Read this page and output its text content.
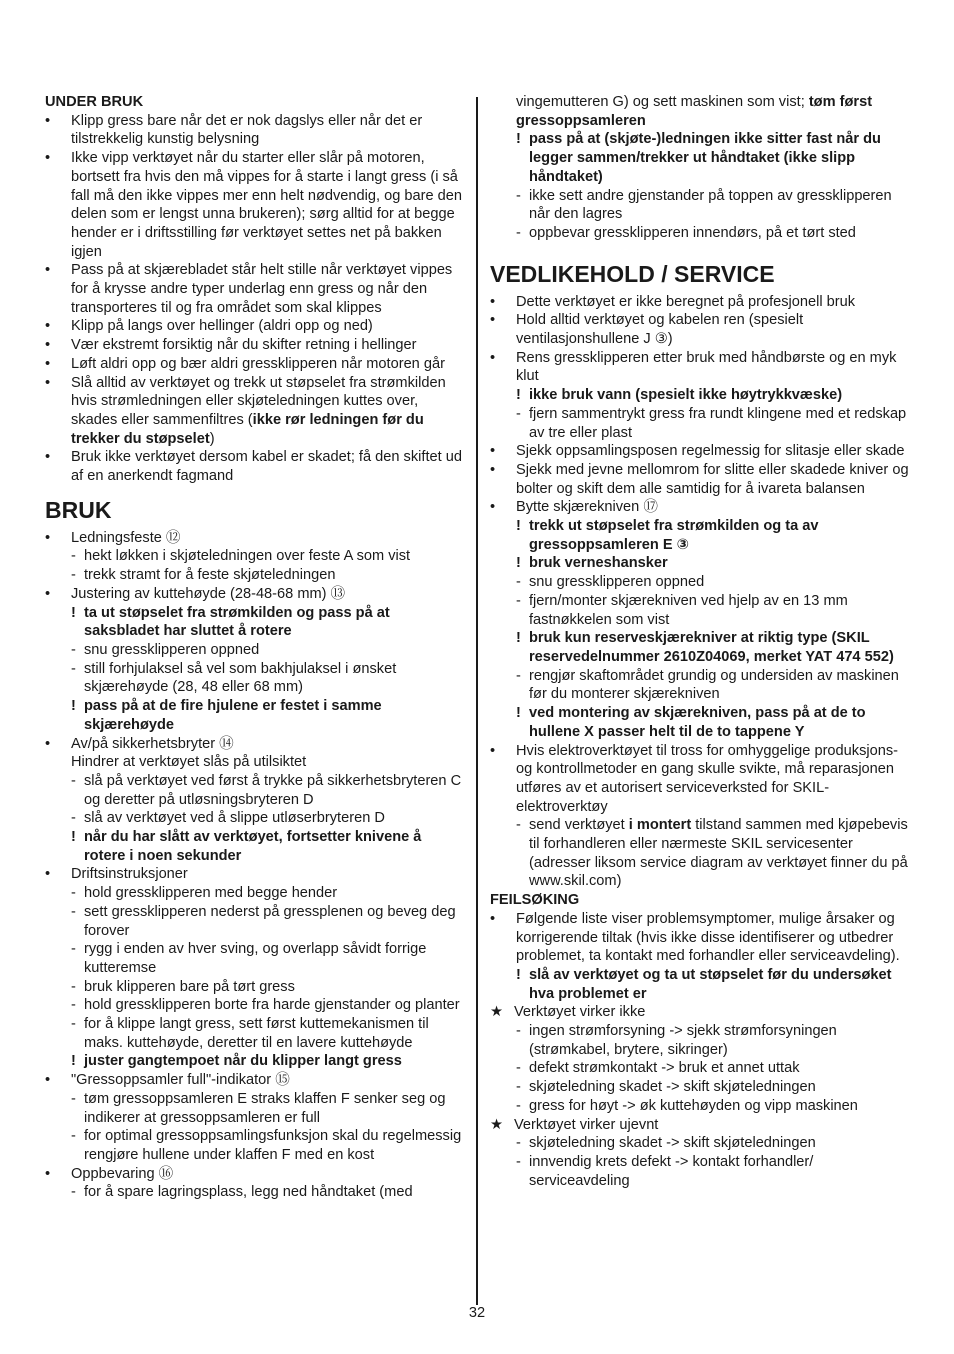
UNDER BRUK
• Klipp gress bare når det er nok dagslys eller når det er tilstrekkelig kunstig belysning
• Ikke vipp verktøyet når du starter eller slår på motoren, bortsett fra hvis den må vippes for å starte i langt gress (i så fall må den ikke vippes mer enn helt nødvendig, og bare den delen som er lengst unna brukeren); sørg alltid for at begge hender er i driftsstilling før verktøyet settes net på bakken igjen
• Pass på at skjærebladet står helt stille når verktøyet vippes for å krysse andre typer underlag enn gress og når den transporteres til og fra området som skal klippes
• Klipp på langs over hellinger (aldri opp og ned)
• Vær ekstremt forsiktig når du skifter retning i hellinger
• Løft aldri opp og bær aldri gressklipperen når motoren går
• Slå alltid av verktøyet og trekk ut støpselet fra strømkilden hvis strømledningen eller skjøteledningen kuttes over, skades eller sammenfiltres (ikke rør ledningen før du trekker du støpselet)
• Bruk ikke verktøyet dersom kabel er skadet; få den skiftet ud af en anerkendt fagmand
BRUK
• Ledningsfeste ⑫
- hekt løkken i skjøteledningen over feste A som vist
- trekk stramt for å feste skjøteledningen
• Justering av kuttehøyde (28-48-68 mm) ⑬
! ta ut støpselet fra strømkilden og pass på at saksbladet har sluttet å rotere
- snu gressklipperen oppned
- still forhjulaksel så vel som bakhjulaksel i ønsket skjærehøyde (28, 48 eller 68 mm)
! pass på at de fire hjulene er festet i samme skjærehøyde
• Av/på sikkerhetsbryter ⑭
Hindrer at verktøyet slås på utilsiktet
- slå på verktøyet ved først å trykke på sikkerhetsbryteren C og deretter på utløsningsbryteren D
- slå av verktøyet ved å slippe utløserbryteren D
! når du har slått av verktøyet, fortsetter knivene å rotere i noen sekunder
• Driftsinstruksjoner
- hold gressklipperen med begge hender
- sett gressklipperen nederst på gressplenen og beveg deg forover
- rygg i enden av hver sving, og overlapp såvidt forrige kutteremse
- bruk klipperen bare på tørt gress
- hold gressklipperen borte fra harde gjenstander og planter
- for å klippe langt gress, sett først kuttemekanismen til maks. kuttehøyde, deretter til en lavere kuttehøyde
! juster gangtempoet når du klipper langt gress
• "Gressoppsamler full"-indikator ⑮
- tøm gressoppsamleren E straks klaffen F senker seg og indikerer at gressoppsamleren er full
- for optimal gressoppsamlingsfunksjon skal du regelmessig rengjøre hullene under klaffen F med en kost
• Oppbevaring ⑯
- for å spare lagringsplass, legg ned håndtaket (med
vingemutteren G) og sett maskinen som vist; tøm først gressoppsamleren
! pass på at (skjøte-)ledningen ikke sitter fast når du legger sammen/trekker ut håndtaket (ikke slipp håndtaket)
- ikke sett andre gjenstander på toppen av gressklipperen når den lagres
- oppbevar gressklipperen innendørs, på et tørt sted
VEDLIKEHOLD / SERVICE
• Dette verktøyet er ikke beregnet på profesjonell bruk
• Hold alltid verktøyet og kabelen ren (spesielt ventilasjonshullene J ③)
• Rens gressklipperen etter bruk med håndbørste og en myk klut
! ikke bruk vann (spesielt ikke høytrykkvæske)
- fjern sammentrykt gress fra rundt klingene med et redskap av tre eller plast
• Sjekk oppsamlingsposen regelmessig for slitasje eller skade
• Sjekk med jevne mellomrom for slitte eller skadede kniver og bolter og skift dem alle samtidig for å ivareta balansen
• Bytte skjærekniven ⑰
! trekk ut støpselet fra strømkilden og ta av gressoppsamleren E ③
! bruk verneshansker
- snu gressklipperen oppned
- fjern/monter skjærekniven ved hjelp av en 13 mm fastnøkkelen som vist
! bruk kun reserveskjærekniver at riktig type (SKIL reservedelnummer 2610Z04069, merket YAT 474 552)
- rengjør skaftområdet grundig og undersiden av maskinen før du monterer skjærekniven
! ved montering av skjærekniven, pass på at de to hullene X passer helt til de to tappene Y
• Hvis elektroverktøyet til tross for omhyggelige produksjons- og kontrollmetoder en gang skulle svikte, må reparasjonen utføres av et autorisert serviceverksted for SKIL-elektroverktøy
- send verktøyet i montert tilstand sammen med kjøpebevis til forhandleren eller nærmeste SKIL servicesenter (adresser liksom service diagram av verktøyet finner du på www.skil.com)
FEILSØKING
• Følgende liste viser problemsymptomer, mulige årsaker og korrigerende tiltak (hvis ikke disse identifiserer og utbedrer problemet, ta kontakt med forhandler eller serviceavdeling).
! slå av verktøyet og ta ut støpselet før du undersøket hva problemet er
★ Verktøyet virker ikke
- ingen strømforsyning -> sjekk strømforsyningen (strømkabel, brytere, sikringer)
- defekt strømkontakt -> bruk et annet uttak
- skjøteledning skadet -> skift skjøteledningen
- gress for høyt -> øk kuttehøyden og vipp maskinen
★ Verktøyet virker ujevnt
- skjøteledning skadet -> skift skjøteledningen
- innvendig krets defekt -> kontakt forhandler/ serviceavdeling
32
